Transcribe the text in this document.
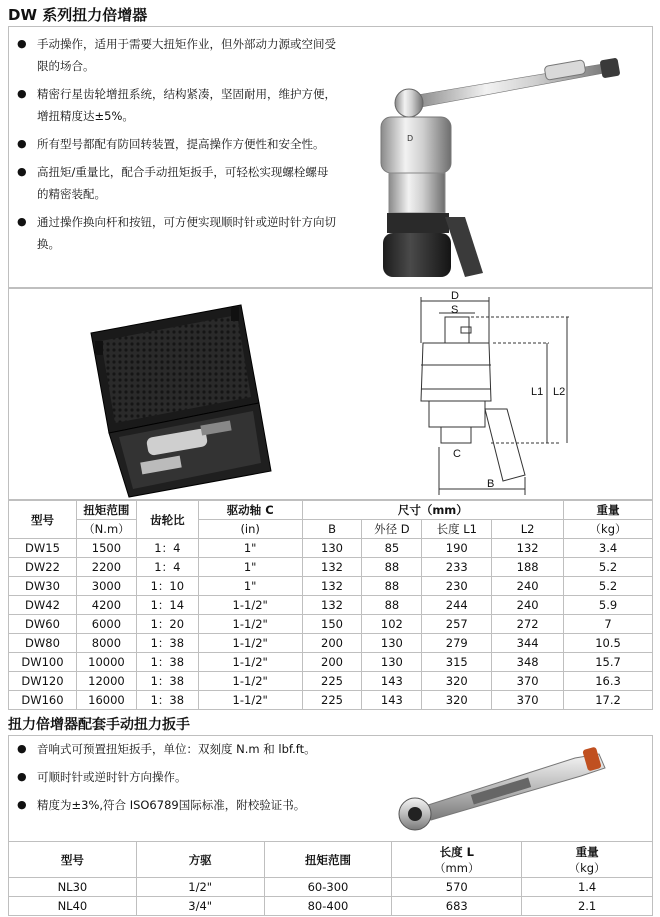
DW 系列扭力倍增器
● 手动操作，适用于需要大扭矩作业，但外部动力源或空间受限的场合。
● 精密行星齿轮增扭系统，结构紧凑，坚固耐用，维护方便，增扭精度达±5%。
● 所有型号都配有防回转装置，提高操作方便性和安全性。
● 高扭矩/重量比，配合手动扭矩扳手，可轻松实现螺栓螺母的精密装配。
● 通过操作换向杆和按钮，可方便实现顺时针或逆时针方向切换。
D
D
S
L1 L2
C
B
型号	扭矩范围	齿轮比	驱动轴 C	尺寸（mm）				重量
	（N.m）		(in)	B	外径 D	长度 L1	L2	（kg）
DW15	1500	1：4	1"	130	85	190	132	3.4
DW22	2200	1：4	1"	132	88	233	188	5.2
DW30	3000	1：10	1"	132	88	230	240	5.2
DW42	4200	1：14	1-1/2"	132	88	244	240	5.9
DW60	6000	1：20	1-1/2"	150	102	257	272	7
DW80	8000	1：38	1-1/2"	200	130	279	344	10.5
DW100	10000	1：38	1-1/2"	200	130	315	348	15.7
DW120	12000	1：38	1-1/2"	225	143	320	370	16.3
DW160	16000	1：38	1-1/2"	225	143	320	370	17.2
扭力倍增器配套手动扭力扳手
● 音响式可预置扭矩扳手，单位：双刻度 N.m 和 lbf.ft。
● 可顺时针或逆时针方向操作。
● 精度为±3%,符合 ISO6789国际标准，附校验证书。
型号	方驱	扭矩范围	长度 L
（mm）	重量
（kg）
NL30	1/2"	60-300	570	1.4
NL40	3/4"	80-400	683	2.1
